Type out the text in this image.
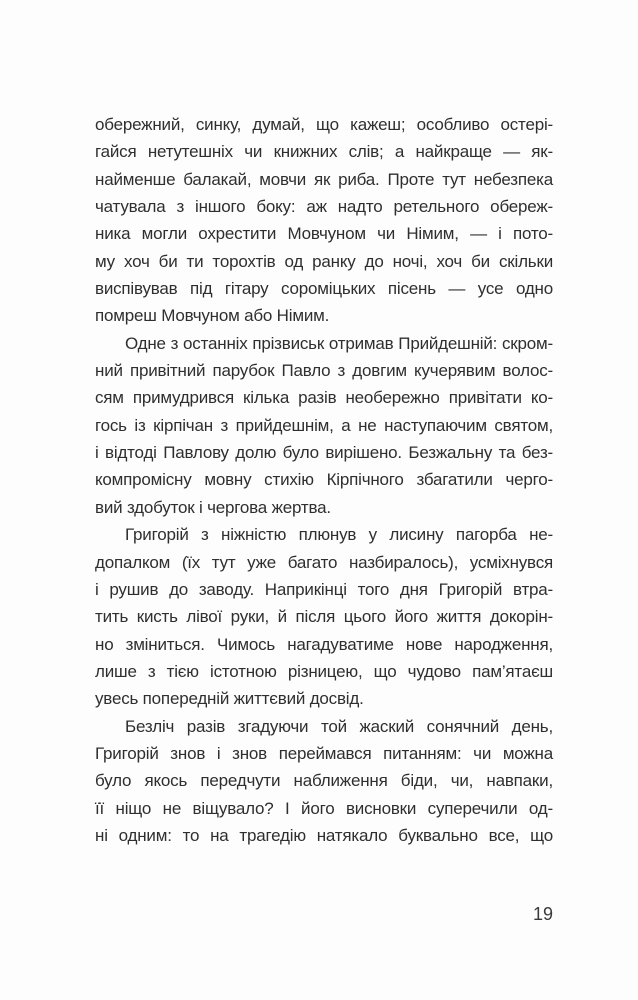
обережний, синку, думай, що кажеш; особливо остері-
гайся нетутешніх чи книжних слів; а найкраще — як-
найменше балакай, мовчи як риба. Проте тут небезпека
чатувала з іншого боку: аж надто ретельного обереж-
ника могли охрестити Мовчуном чи Німим, — і пото-
му хоч би ти торохтів од ранку до ночі, хоч би скільки
виспівував під гітару сороміцьких пісень — усе одно
помреш Мовчуном або Німим.
Одне з останніх прізвиськ отримав Прийдешній: скром-
ний привітний парубок Павло з довгим кучерявим волос-
сям примудрився кілька разів необережно привітати ко-
гось із кірпічан з прийдешнім, а не наступаючим святом,
і відтоді Павлову долю було вирішено. Безжальну та без-
компромісну мовну стихію Кірпічного збагатили черго-
вий здобуток і чергова жертва.
Григорій з ніжністю плюнув у лисину пагорба не-
допалком (їх тут уже багато назбиралось), усміхнувся
і рушив до заводу. Наприкінці того дня Григорій втра-
тить кисть лівої руки, й після цього його життя докорін-
но зміниться. Чимось нагадуватиме нове народження,
лише з тією істотною різницею, що чудово пам’ятаєш
увесь попередній життєвий досвід.
Безліч разів згадуючи той жаский сонячний день,
Григорій знов і знов переймався питанням: чи можна
було якось передчути наближення біди, чи, навпаки,
її ніщо не віщувало? І його висновки суперечили од-
ні одним: то на трагедію натякало буквально все, що
19
